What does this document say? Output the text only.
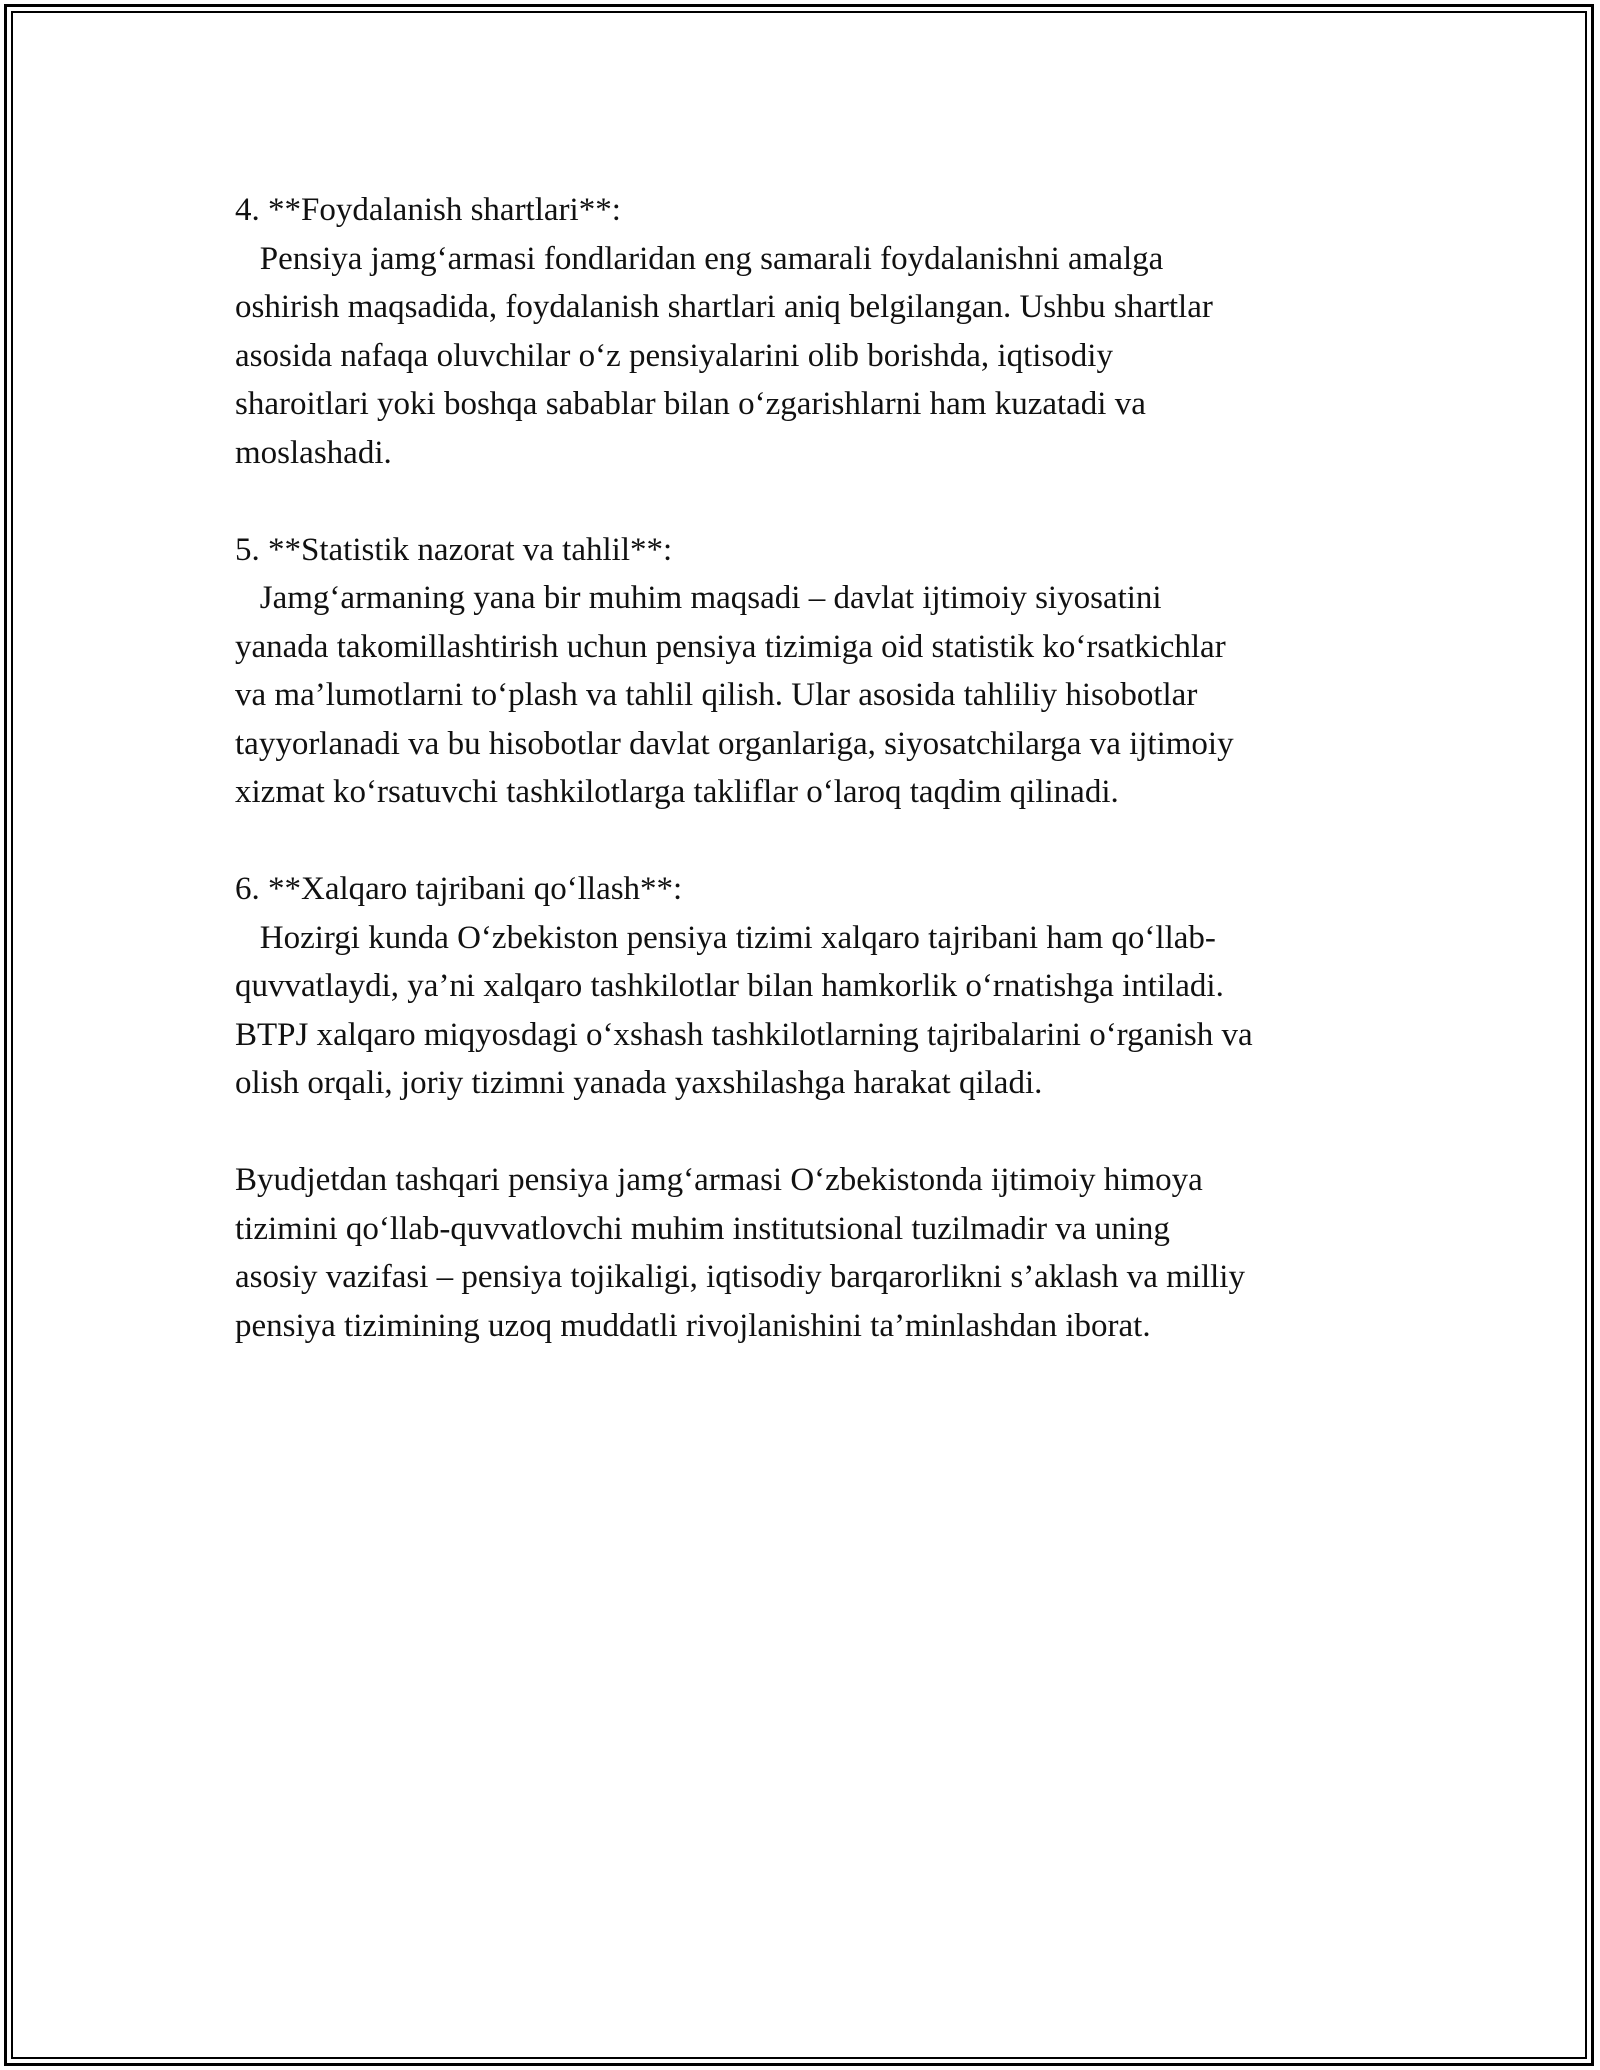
4. **Foydalanish shartlari**:

Pensiya jamg‘armasi fondlaridan eng samarali foydalanishni amalga

oshirish maqsadida, foydalanish shartlari aniq belgilangan. Ushbu shartlar

asosida nafaqa oluvchilar o‘z pensiyalarini olib borishda, iqtisodiy

sharoitlari yoki boshqa sabablar bilan o‘zgarishlarni ham kuzatadi va

moslashadi.

5. **Statistik nazorat va tahlil**:

Jamg‘armaning yana bir muhim maqsadi – davlat ijtimoiy siyosatini

yanada takomillashtirish uchun pensiya tizimiga oid statistik ko‘rsatkichlar

va ma’lumotlarni to‘plash va tahlil qilish. Ular asosida tahliliy hisobotlar

tayyorlanadi va bu hisobotlar davlat organlariga, siyosatchilarga va ijtimoiy

xizmat ko‘rsatuvchi tashkilotlarga takliflar o‘laroq taqdim qilinadi.

6. **Xalqaro tajribani qo‘llash**:

Hozirgi kunda O‘zbekiston pensiya tizimi xalqaro tajribani ham qo‘llab-

quvvatlaydi, ya’ni xalqaro tashkilotlar bilan hamkorlik o‘rnatishga intiladi.

BTPJ xalqaro miqyosdagi o‘xshash tashkilotlarning tajribalarini o‘rganish va

olish orqali, joriy tizimni yanada yaxshilashga harakat qiladi.

Byudjetdan tashqari pensiya jamg‘armasi O‘zbekistonda ijtimoiy himoya

tizimini qo‘llab-quvvatlovchi muhim institutsional tuzilmadir va uning

asosiy vazifasi – pensiya tojikaligi, iqtisodiy barqarorlikni s’aklash va milliy

pensiya tizimining uzoq muddatli rivojlanishini ta’minlashdan iborat.
